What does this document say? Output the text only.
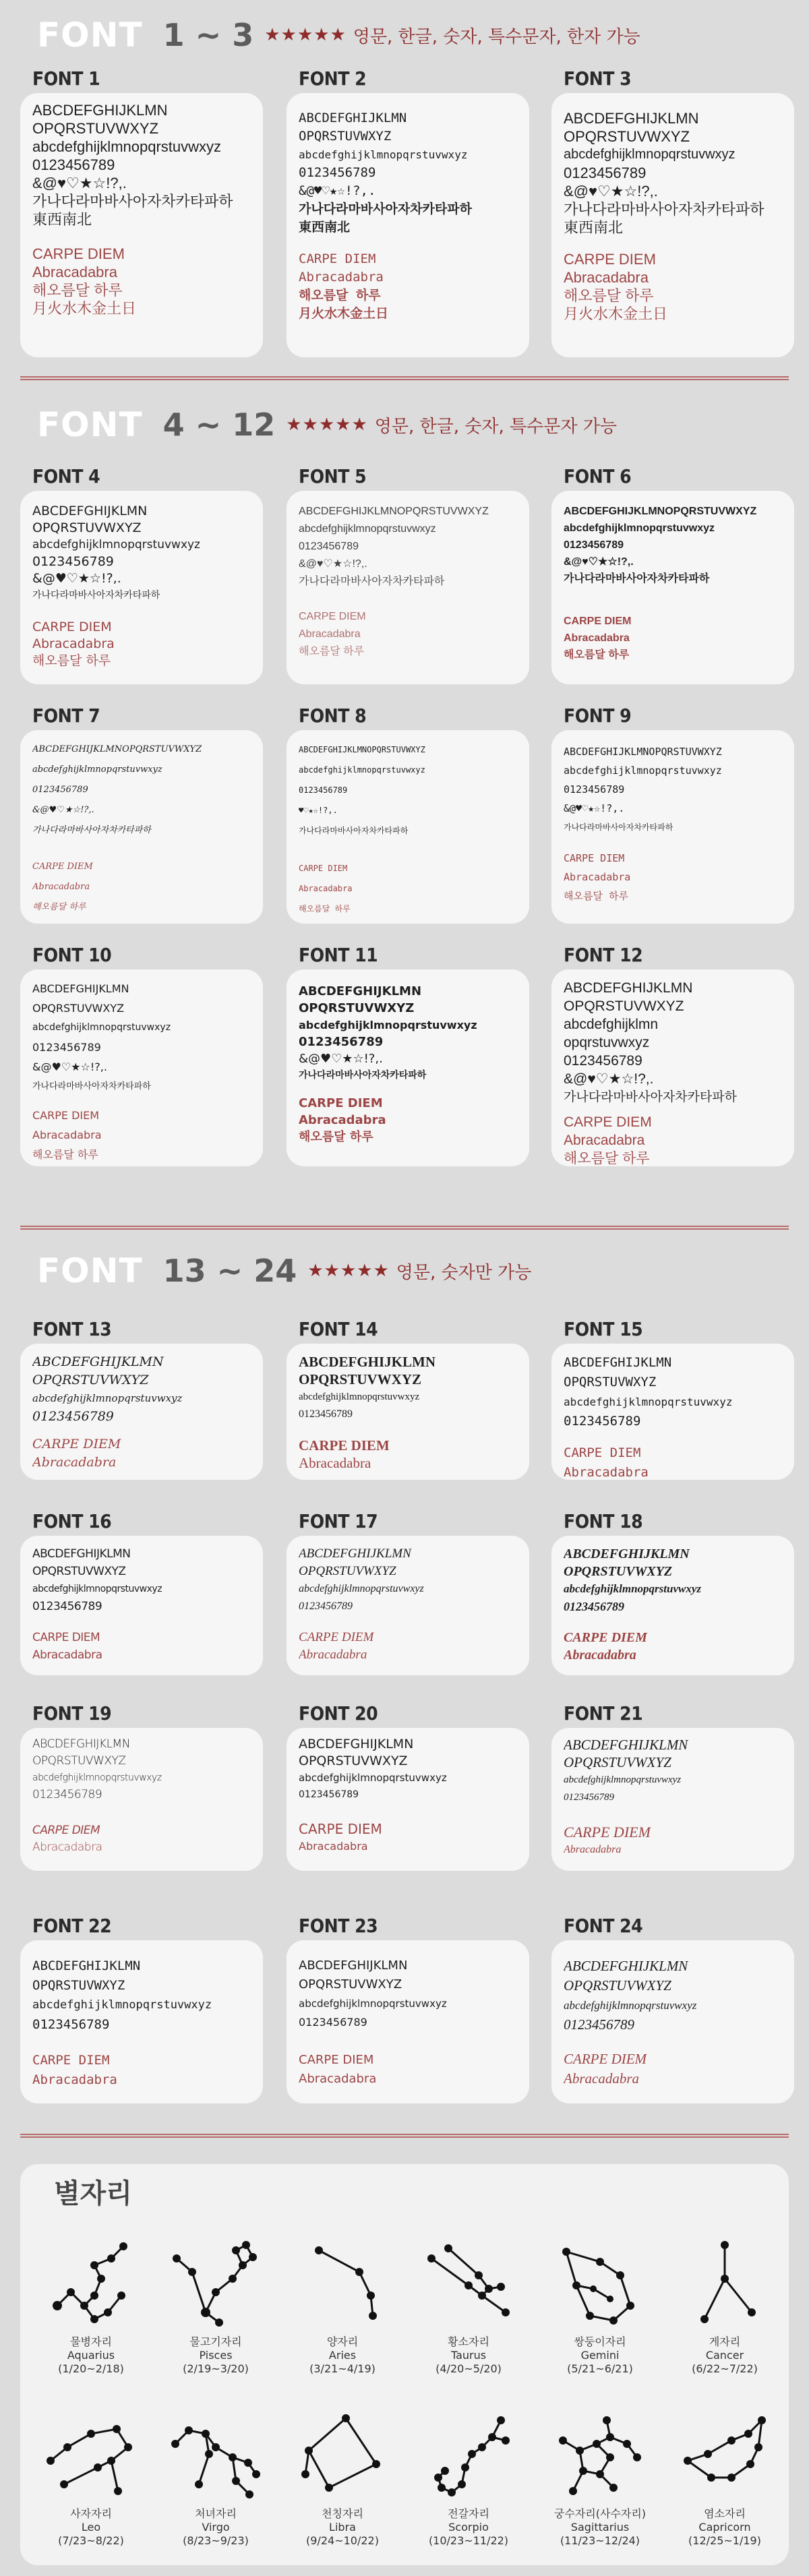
FONT 1 ~ 3 ★★★★★ 영문, 한글, 숫자, 특수문자, 한자 가능
FONT 1
ABCDEFGHIJKLMN
OPQRSTUVWXYZ
abcdefghijklmnopqrstuvwxyz
0123456789
&@♥♡★☆!?,.
가나다라마바사아자차카타파하
東西南北
CARPE DIEM
Abracadabra
해오름달 하루
月火水木金土日
FONT 2
ABCDEFGHIJKLMN
OPQRSTUVWXYZ
abcdefghijklmnopqrstuvwxyz
0123456789
&@♥♡★☆!?,.
가나다라마바사아자차카타파하
東西南北
CARPE DIEM
Abracadabra
해오름달 하루
月火水木金土日
FONT 3
ABCDEFGHIJKLMN
OPQRSTUVWXYZ
abcdefghijklmnopqrstuvwxyz
0123456789
&@♥♡★☆!?,.
가나다라마바사아자차카타파하
東西南北
CARPE DIEM
Abracadabra
해오름달 하루
月火水木金土日
FONT 4 ~ 12 ★★★★★ 영문, 한글, 숫자, 특수문자 가능
FONT 4
ABCDEFGHIJKLMN
OPQRSTUVWXYZ
abcdefghijklmnopqrstuvwxyz
0123456789
&@♥♡★☆!?,.
가나다라마바사아자차카타파하
CARPE DIEM
Abracadabra
해오름달 하루
FONT 5
ABCDEFGHIJKLMNOPQRSTUVWXYZ
abcdefghijklmnopqrstuvwxyz
0123456789
&@♥♡★☆!?,.
가나다라마바사아자차카타파하
CARPE DIEM
Abracadabra
해오름달 하루
FONT 6
ABCDEFGHIJKLMNOPQRSTUVWXYZ
abcdefghijklmnopqrstuvwxyz
0123456789
&@♥♡★☆!?,.
가나다라마바사아자차카타파하
CARPE DIEM
Abracadabra
해오름달 하루
FONT 7
ABCDEFGHIJKLMNOPQRSTUVWXYZ
abcdefghijklmnopqrstuvwxyz
0123456789
&@♥♡★☆!?,.
가나다라마바사아자차카타파하
CARPE DIEM
Abracadabra
해오름달 하루
FONT 8
ABCDEFGHIJKLMNOPQRSTUVWXYZ
abcdefghijklmnopqrstuvwxyz
0123456789
♥♡★☆!?,.
가나다라마바사아자차카타파하
CARPE DIEM
Abracadabra
해오름달 하루
FONT 9
ABCDEFGHIJKLMNOPQRSTUVWXYZ
abcdefghijklmnopqrstuvwxyz
0123456789
&@♥♡★☆!?,.
가나다라마바사아자차카타파하
CARPE DIEM
Abracadabra
해오름달 하루
FONT 10
ABCDEFGHIJKLMN
OPQRSTUVWXYZ
abcdefghijklmnopqrstuvwxyz
0123456789
&@♥♡★☆!?,.
가나다라마바사아자차카타파하
CARPE DIEM
Abracadabra
해오름달 하루
FONT 11
ABCDEFGHIJKLMN
OPQRSTUVWXYZ
abcdefghijklmnopqrstuvwxyz
0123456789
&@♥♡★☆!?,.
가나다라마바사아자차카타파하
CARPE DIEM
Abracadabra
해오름달 하루
FONT 12
ABCDEFGHIJKLMN
OPQRSTUVWXYZ
abcdefghijklmn
opqrstuvwxyz
0123456789
&@♥♡★☆!?,.
가나다라마바사아자차카타파하
CARPE DIEM
Abracadabra
해오름달 하루
FONT 13 ~ 24 ★★★★★ 영문, 숫자만 가능
FONT 13
ABCDEFGHIJKLMN
OPQRSTUVWXYZ
abcdefghijklmnopqrstuvwxyz
0123456789
CARPE DIEM
Abracadabra
FONT 14
ABCDEFGHIJKLMN
OPQRSTUVWXYZ
abcdefghijklmnopqrstuvwxyz
0123456789
CARPE DIEM
Abracadabra
FONT 15
ABCDEFGHIJKLMN
OPQRSTUVWXYZ
abcdefghijklmnopqrstuvwxyz
0123456789
CARPE DIEM
Abracadabra
FONT 16
ABCDEFGHIJKLMN
OPQRSTUVWXYZ
abcdefghijklmnopqrstuvwxyz
0123456789
CARPE DIEM
Abracadabra
FONT 17
ABCDEFGHIJKLMN
OPQRSTUVWXYZ
abcdefghijklmnopqrstuvwxyz
0123456789
CARPE DIEM
Abracadabra
FONT 18
ABCDEFGHIJKLMN
OPQRSTUVWXYZ
abcdefghijklmnopqrstuvwxyz
0123456789
CARPE DIEM
Abracadabra
FONT 19
ABCDEFGHIJKLMN
OPQRSTUVWXYZ
abcdefghijklmnopqrstuvwxyz
0123456789
CARPE DIEM
Abracadabra
FONT 20
ABCDEFGHIJKLMN
OPQRSTUVWXYZ
abcdefghijklmnopqrstuvwxyz
0123456789
CARPE DIEM
Abracadabra
FONT 21
ABCDEFGHIJKLMN
OPQRSTUVWXYZ
abcdefghijklmnopqrstuvwxyz
0123456789
CARPE DIEM
Abracadabra
FONT 22
ABCDEFGHIJKLMN
OPQRSTUVWXYZ
abcdefghijklmnopqrstuvwxyz
0123456789
CARPE DIEM
Abracadabra
FONT 23
ABCDEFGHIJKLMN
OPQRSTUVWXYZ
abcdefghijklmnopqrstuvwxyz
0123456789
CARPE DIEM
Abracadabra
FONT 24
ABCDEFGHIJKLMN
OPQRSTUVWXYZ
abcdefghijklmnopqrstuvwxyz
0123456789
CARPE DIEM
Abracadabra
별자리
물병자리
Aquarius
(1/20~2/18)
물고기자리
Pisces
(2/19~3/20)
양자리
Aries
(3/21~4/19)
황소자리
Taurus
(4/20~5/20)
쌍둥이자리
Gemini
(5/21~6/21)
게자리
Cancer
(6/22~7/22)
사자자리
Leo
(7/23~8/22)
처녀자리
Virgo
(8/23~9/23)
천칭자리
Libra
(9/24~10/22)
전갈자리
Scorpio
(10/23~11/22)
궁수자리(사수자리)
Sagittarius
(11/23~12/24)
염소자리
Capricorn
(12/25~1/19)
